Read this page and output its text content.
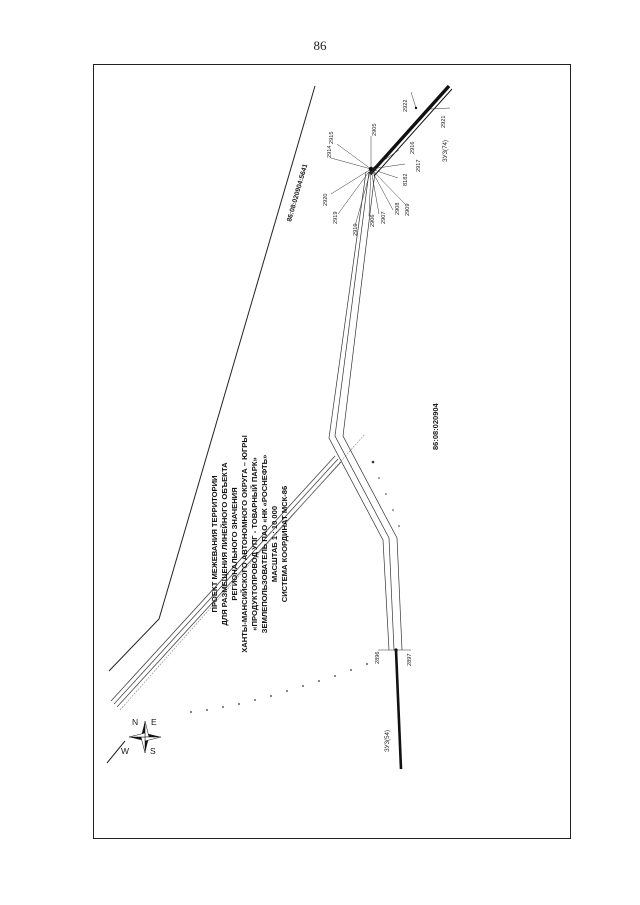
86
86:08:020904:5641
86:08:020904
ЗУ3(74)
ЗУ3(54)
2905
2914
2915
2916
2917
8182
2909
2908
2907
2906
2910
2919
2920
2921
2922
2896	2897
ПРОЕКТ МЕЖЕВАНИЯ ТЕРРИТОРИИ ДЛЯ РАЗМЕЩЕНИЯ ЛИНЕЙНОГО ОБЪЕКТА РЕГИОНАЛЬНОГО ЗНАЧЕНИЯ ХАНТЫ-МАНСИЙСКОГО АВТОНОМНОГО ОКРУГА – ЮГРЫ «ПРОДУКТОПРОВОД УПГ - ТОВАРНЫЙ ПАРК» ЗЕМЛЕПОЛЬЗОВАТЕЛЬ ПАО «НК «РОСНЕФТЬ» МАСШТАБ 1 : 10 000 СИСТЕМА КООРДИНАТ МСК-86
N E
S
W
